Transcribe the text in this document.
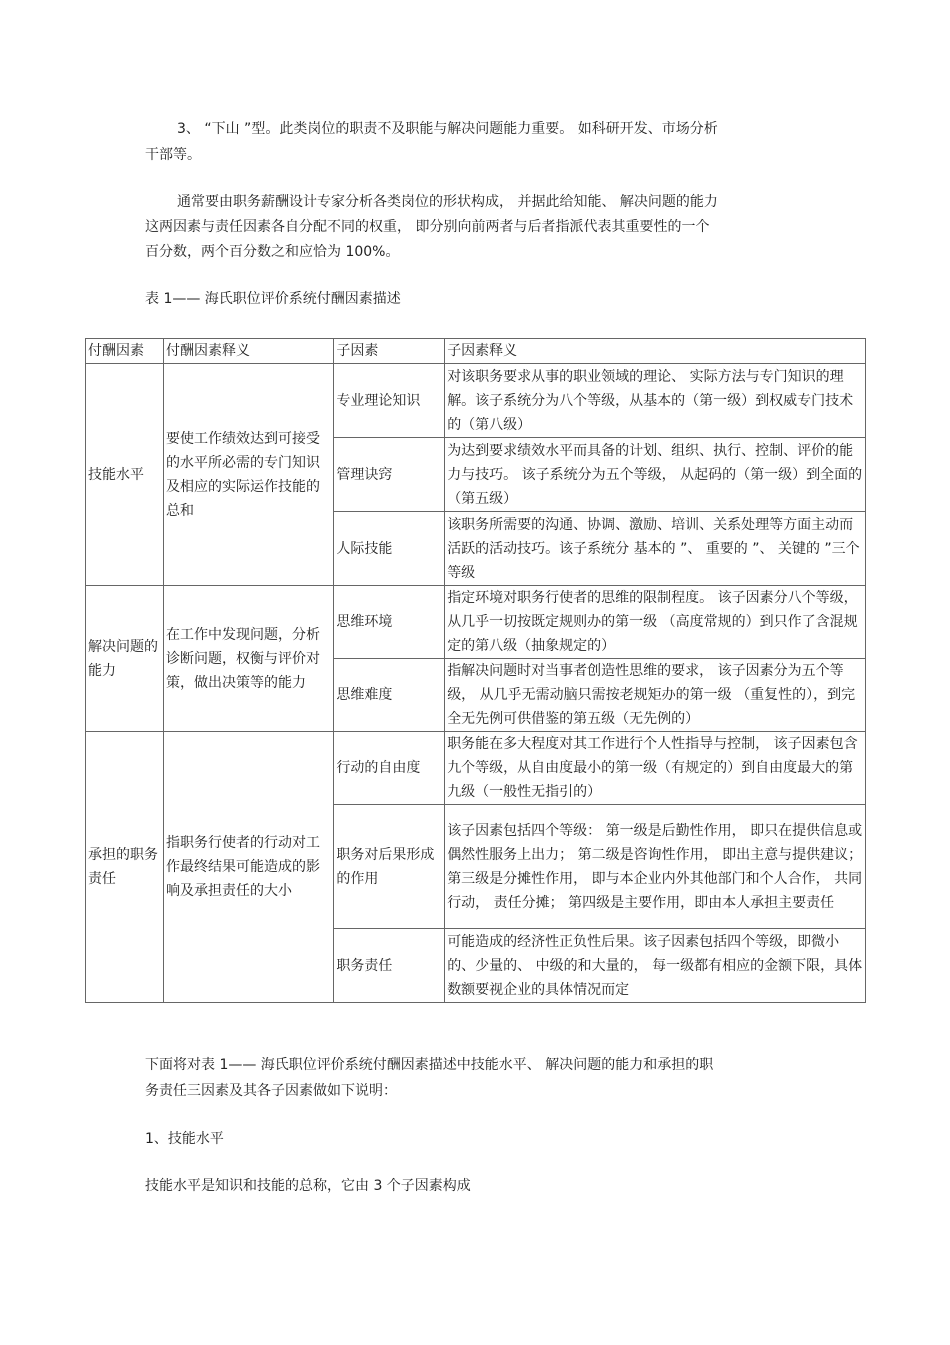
3、 “下山 ”型。此类岗位的职责不及职能与解决问题能力重要。 如科研开发、市场分析
干部等。
通常要由职务薪酬设计专家分析各类岗位的形状构成， 并据此给知能、 解决问题的能力
这两因素与责任因素各自分配不同的权重， 即分别向前两者与后者指派代表其重要性的一个
百分数，两个百分数之和应恰为 100%。
表 1—— 海氏职位评价系统付酬因素描述
付酬因素	付酬因素释义	子因素	子因素释义
技能水平	要使工作绩效达到可接受的水平所必需的专门知识及相应的实际运作技能的总和	专业理论知识	对该职务要求从事的职业领域的理论、 实际方法与专门知识的理解。该子系统分为八个等级，从基本的（第一级）到权威专门技术的（第八级）
		管理诀窍	为达到要求绩效水平而具备的计划、组织、执行、控制、评价的能力与技巧。 该子系统分为五个等级， 从起码的（第一级）到全面的（第五级）
		人际技能	该职务所需要的沟通、协调、激励、培训、关系处理等方面主动而活跃的活动技巧。该子系统分 基本的 ”、 重要的 ”、 关键的 ”三个等级
解决问题的能力	在工作中发现问题，分析诊断问题，权衡与评价对策，做出决策等的能力	思维环境	指定环境对职务行使者的思维的限制程度。 该子因素分八个等级，从几乎一切按既定规则办的第一级 （高度常规的）到只作了含混规定的第八级（抽象规定的）
		思维难度	指解决问题时对当事者创造性思维的要求， 该子因素分为五个等级， 从几乎无需动脑只需按老规矩办的第一级 （重复性的），到完全无先例可供借鉴的第五级（无先例的）
承担的职务责任	指职务行使者的行动对工作最终结果可能造成的影响及承担责任的大小	行动的自由度	职务能在多大程度对其工作进行个人性指导与控制， 该子因素包含九个等级，从自由度最小的第一级（有规定的）到自由度最大的第九级（一般性无指引的）
		职务对后果形成的作用	该子因素包括四个等级： 第一级是后勤性作用， 即只在提供信息或偶然性服务上出力； 第二级是咨询性作用， 即出主意与提供建议； 第三级是分摊性作用， 即与本企业内外其他部门和个人合作， 共同行动， 责任分摊； 第四级是主要作用，即由本人承担主要责任
		职务责任	可能造成的经济性正负性后果。该子因素包括四个等级，即微小的、少量的、 中级的和大量的， 每一级都有相应的金额下限，具体数额要视企业的具体情况而定
下面将对表 1—— 海氏职位评价系统付酬因素描述中技能水平、 解决问题的能力和承担的职
务责任三因素及其各子因素做如下说明：
1、技能水平
技能水平是知识和技能的总称，它由 3 个子因素构成
